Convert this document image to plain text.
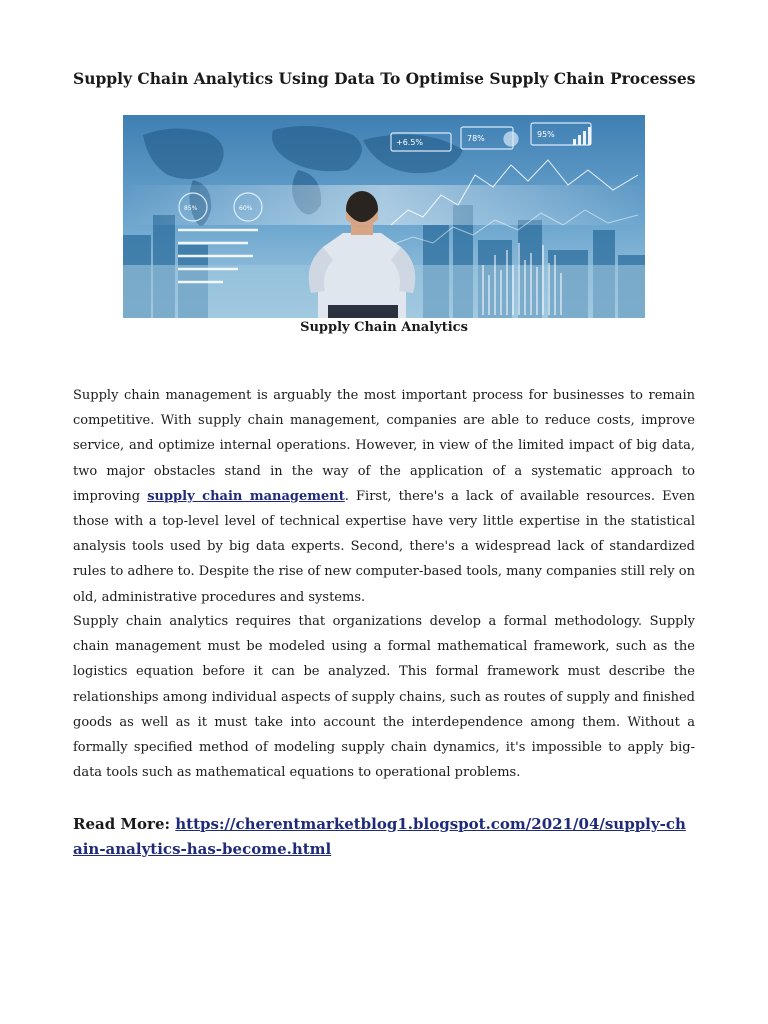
Supply Chain Analytics Using Data To Optimise Supply Chain Processes
+6.5%	78%	95%
85%	60%
Supply Chain Analytics

Supply chain management is arguably the most important process for businesses to remain competitive. With supply chain management, companies are able to reduce costs, improve service, and optimize internal operations. However, in view of the limited impact of big data, two major obstacles stand in the way of the application of a systematic approach to improving supply chain management. First, there's a lack of available resources. Even those with a top-level level of technical expertise have very little expertise in the statistical analysis tools used by big data experts. Second, there's a widespread lack of standardized rules to adhere to. Despite the rise of new computer-based tools, many companies still rely on old, administrative procedures and systems.

Supply chain analytics requires that organizations develop a formal methodology. Supply chain management must be modeled using a formal mathematical framework, such as the logistics equation before it can be analyzed. This formal framework must describe the relationships among individual aspects of supply chains, such as routes of supply and finished goods as well as it must take into account the interdependence among them. Without a formally specified method of modeling supply chain dynamics, it's impossible to apply big-data tools such as mathematical equations to operational problems.

Read More: https://cherentmarketblog1.blogspot.com/2021/04/supply-chain-analytics-has-become.html
